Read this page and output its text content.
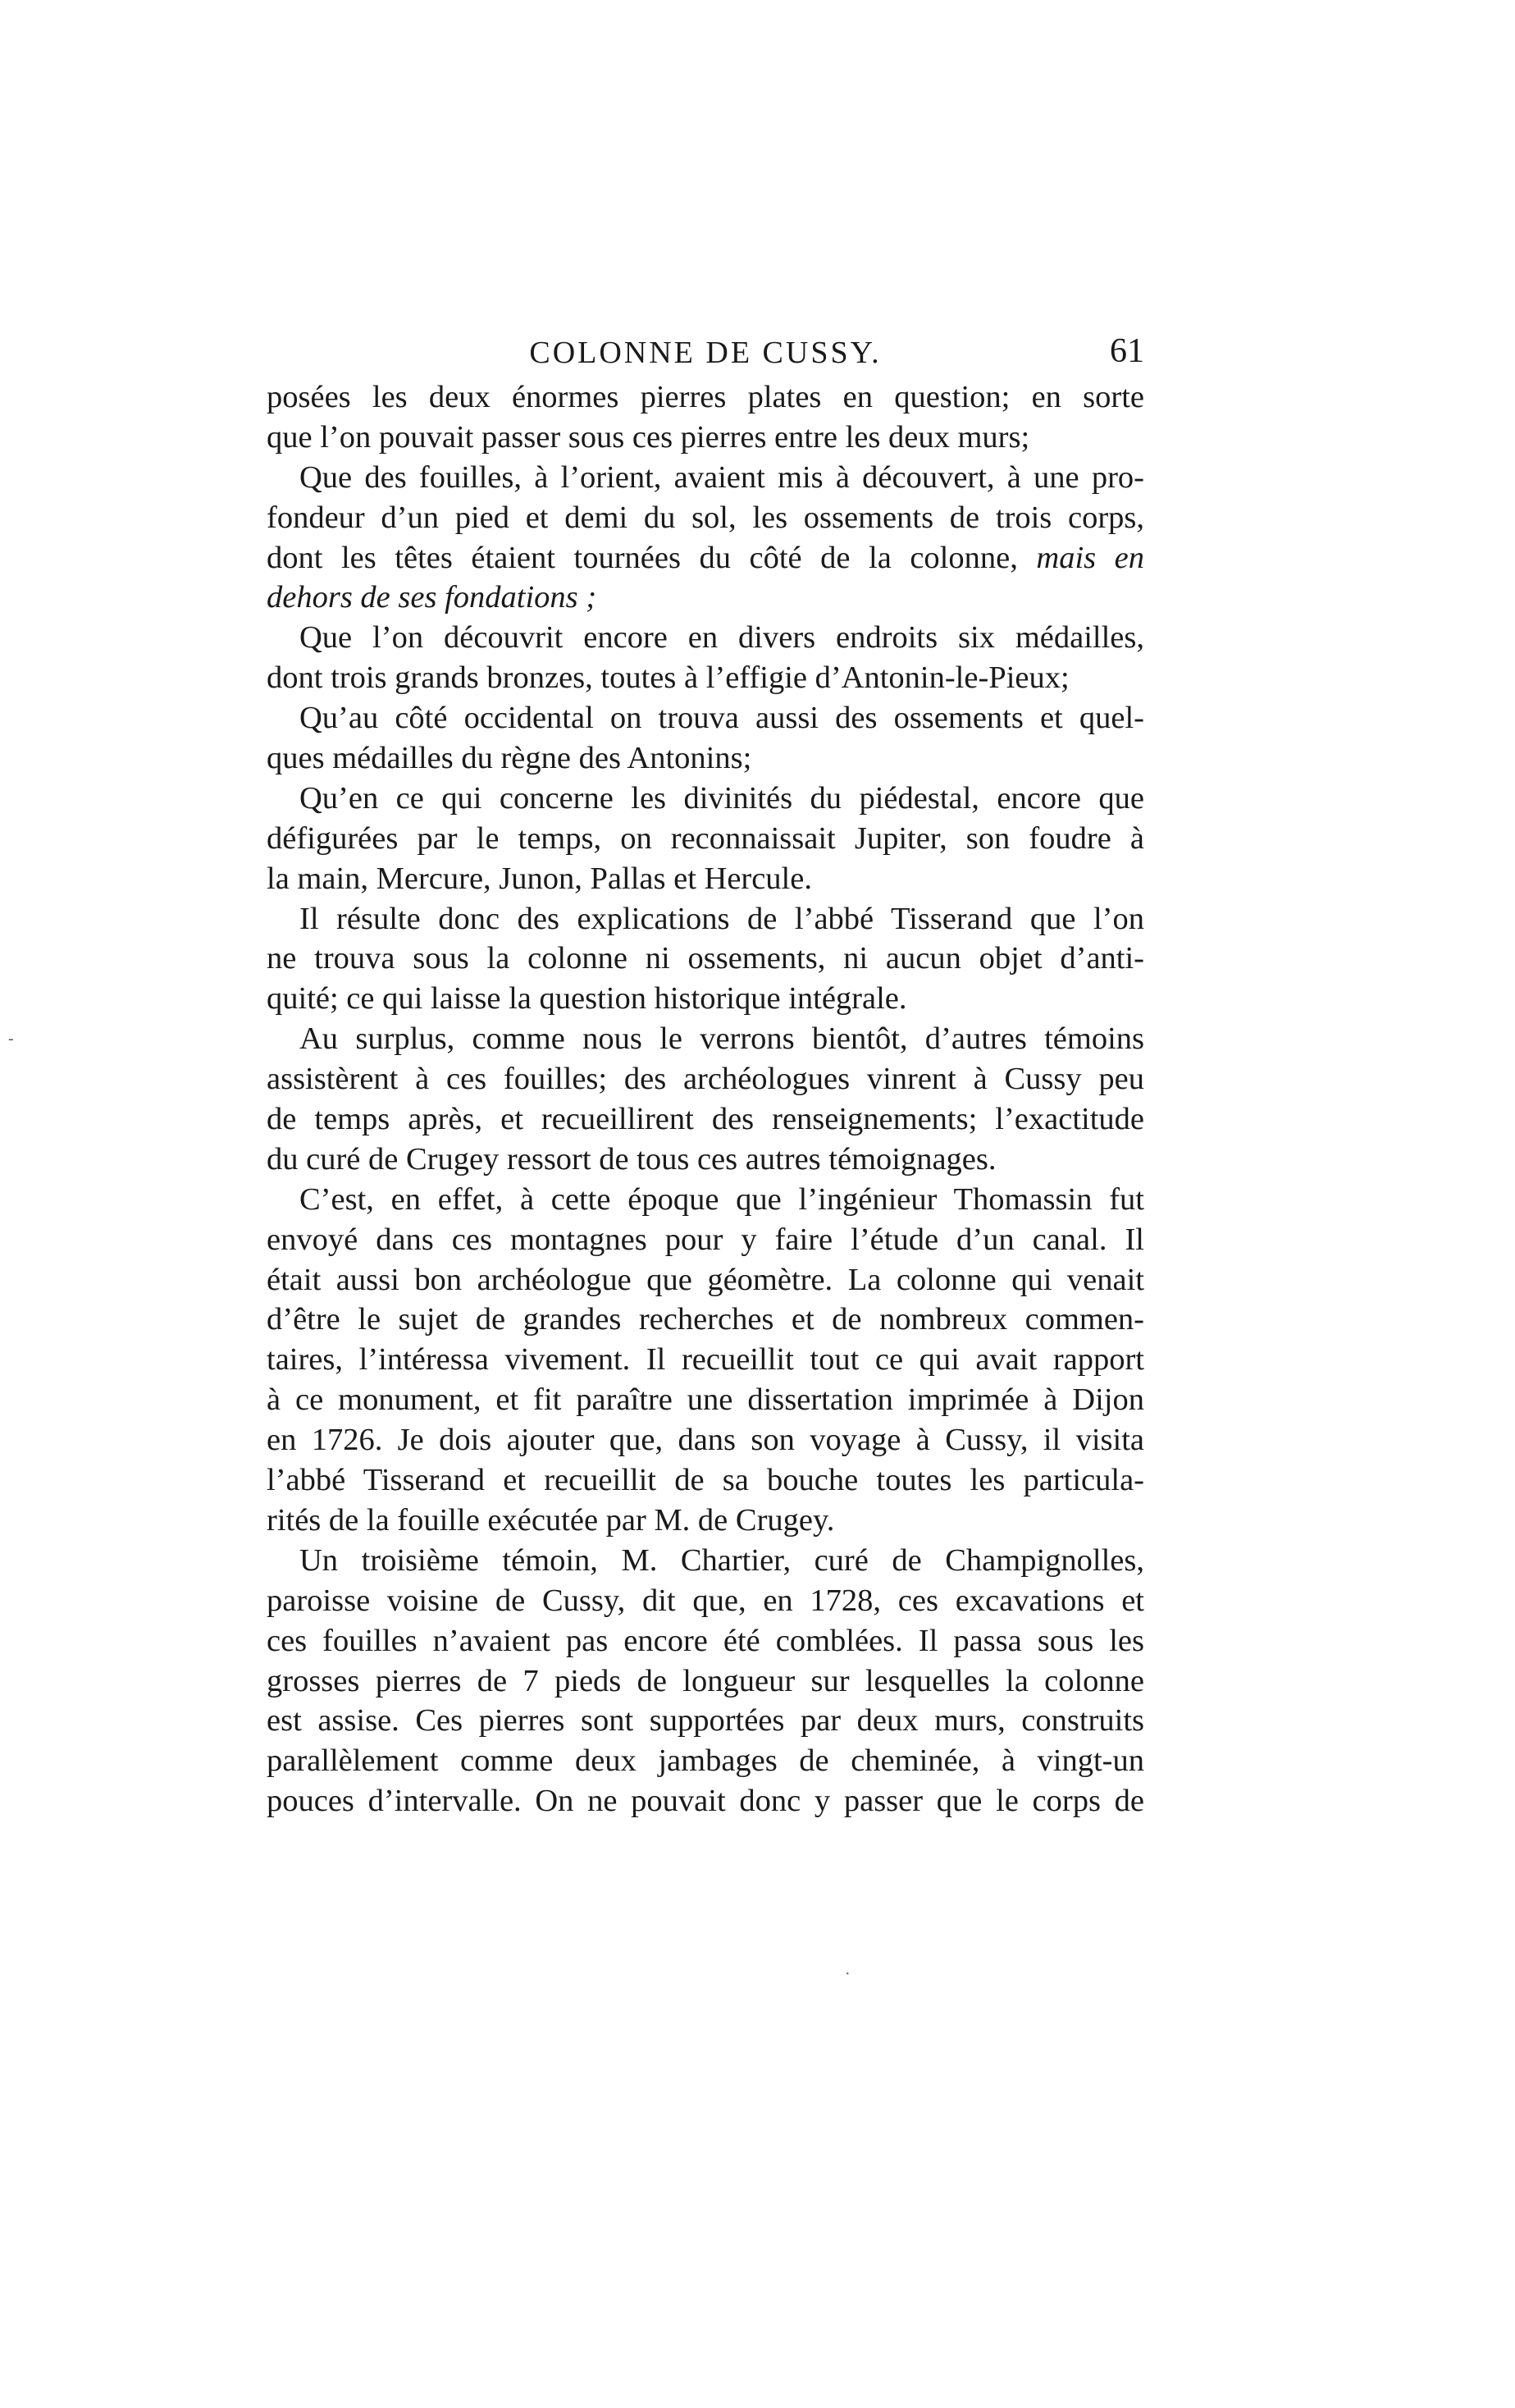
COLONNE DE CUSSY.	61
posées les deux énormes pierres plates en question; en sorte
que l’on pouvait passer sous ces pierres entre les deux murs;
Que des fouilles, à l’orient, avaient mis à découvert, à une pro-
fondeur d’un pied et demi du sol, les ossements de trois corps,
dont les têtes étaient tournées du côté de la colonne, mais en
dehors de ses fondations ;
Que l’on découvrit encore en divers endroits six médailles,
dont trois grands bronzes, toutes à l’effigie d’Antonin-le-Pieux;
Qu’au côté occidental on trouva aussi des ossements et quel-
ques médailles du règne des Antonins;
Qu’en ce qui concerne les divinités du piédestal, encore que
défigurées par le temps, on reconnaissait Jupiter, son foudre à
la main, Mercure, Junon, Pallas et Hercule.
Il résulte donc des explications de l’abbé Tisserand que l’on
ne trouva sous la colonne ni ossements, ni aucun objet d’anti-
quité; ce qui laisse la question historique intégrale.
Au surplus, comme nous le verrons bientôt, d’autres témoins
assistèrent à ces fouilles; des archéologues vinrent à Cussy peu
de temps après, et recueillirent des renseignements; l’exactitude
du curé de Crugey ressort de tous ces autres témoignages.
C’est, en effet, à cette époque que l’ingénieur Thomassin fut
envoyé dans ces montagnes pour y faire l’étude d’un canal. Il
était aussi bon archéologue que géomètre. La colonne qui venait
d’être le sujet de grandes recherches et de nombreux commen-
taires, l’intéressa vivement. Il recueillit tout ce qui avait rapport
à ce monument, et fit paraître une dissertation imprimée à Dijon
en 1726. Je dois ajouter que, dans son voyage à Cussy, il visita
l’abbé Tisserand et recueillit de sa bouche toutes les particula-
rités de la fouille exécutée par M. de Crugey.
Un troisième témoin, M. Chartier, curé de Champignolles,
paroisse voisine de Cussy, dit que, en 1728, ces excavations et
ces fouilles n’avaient pas encore été comblées. Il passa sous les
grosses pierres de 7 pieds de longueur sur lesquelles la colonne
est assise. Ces pierres sont supportées par deux murs, construits
parallèlement comme deux jambages de cheminée, à vingt-un
pouces d’intervalle. On ne pouvait donc y passer que le corps de
-
·
